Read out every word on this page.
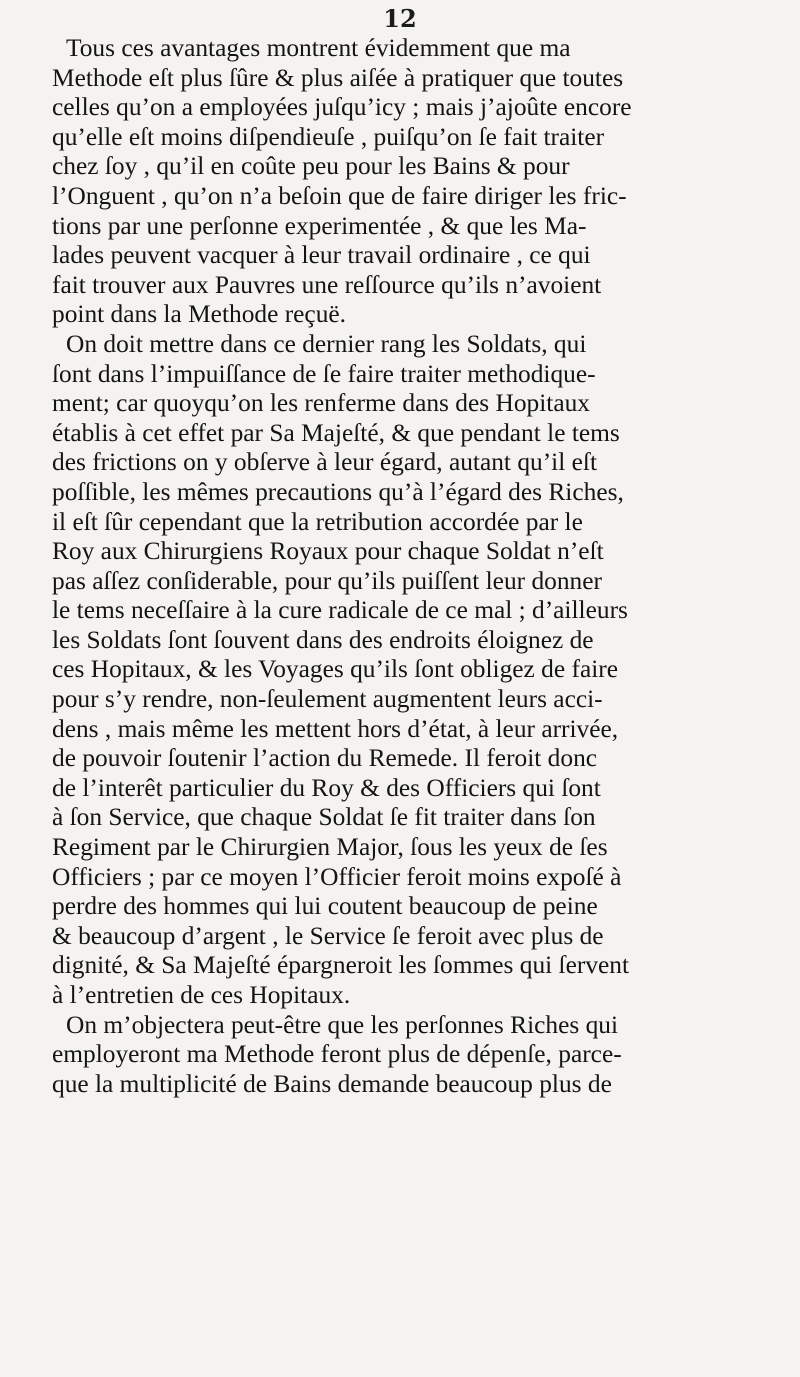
12
Tous ces avantages montrent évidemment que ma
Methode eſt plus ſûre & plus aiſée à pratiquer que toutes
celles qu’on a employées juſqu’icy ; mais j’ajoûte encore
qu’elle eſt moins diſpendieuſe , puiſqu’on ſe fait traiter
chez ſoy , qu’il en coûte peu pour les Bains & pour
l’Onguent , qu’on n’a beſoin que de faire diriger les fric-
tions par une perſonne experimentée , & que les Ma-
lades peuvent vacquer à leur travail ordinaire , ce qui
fait trouver aux Pauvres une reſſource qu’ils n’avoient
point dans la Methode reçuë.
On doit mettre dans ce dernier rang les Soldats, qui
ſont dans l’impuiſſance de ſe faire traiter methodique-
ment; car quoyqu’on les renferme dans des Hopitaux
établis à cet effet par Sa Majeſté, & que pendant le tems
des frictions on y obſerve à leur égard, autant qu’il eſt
poſſible, les mêmes precautions qu’à l’égard des Riches,
il eſt ſûr cependant que la retribution accordée par le
Roy aux Chirurgiens Royaux pour chaque Soldat n’eſt
pas aſſez conſiderable, pour qu’ils puiſſent leur donner
le tems neceſſaire à la cure radicale de ce mal ; d’ailleurs
les Soldats ſont ſouvent dans des endroits éloignez de
ces Hopitaux, & les Voyages qu’ils ſont obligez de faire
pour s’y rendre, non-ſeulement augmentent leurs acci-
dens , mais même les mettent hors d’état, à leur arrivée,
de pouvoir ſoutenir l’action du Remede. Il feroit donc
de l’interêt particulier du Roy & des Officiers qui ſont
à ſon Service, que chaque Soldat ſe fit traiter dans ſon
Regiment par le Chirurgien Major, ſous les yeux de ſes
Officiers ; par ce moyen l’Officier feroit moins expoſé à
perdre des hommes qui lui coutent beaucoup de peine
& beaucoup d’argent , le Service ſe feroit avec plus de
dignité, & Sa Majeſté épargneroit les ſommes qui ſervent
à l’entretien de ces Hopitaux.
On m’objectera peut-être que les perſonnes Riches qui
employeront ma Methode feront plus de dépenſe, parce-
que la multiplicité de Bains demande beaucoup plus de
